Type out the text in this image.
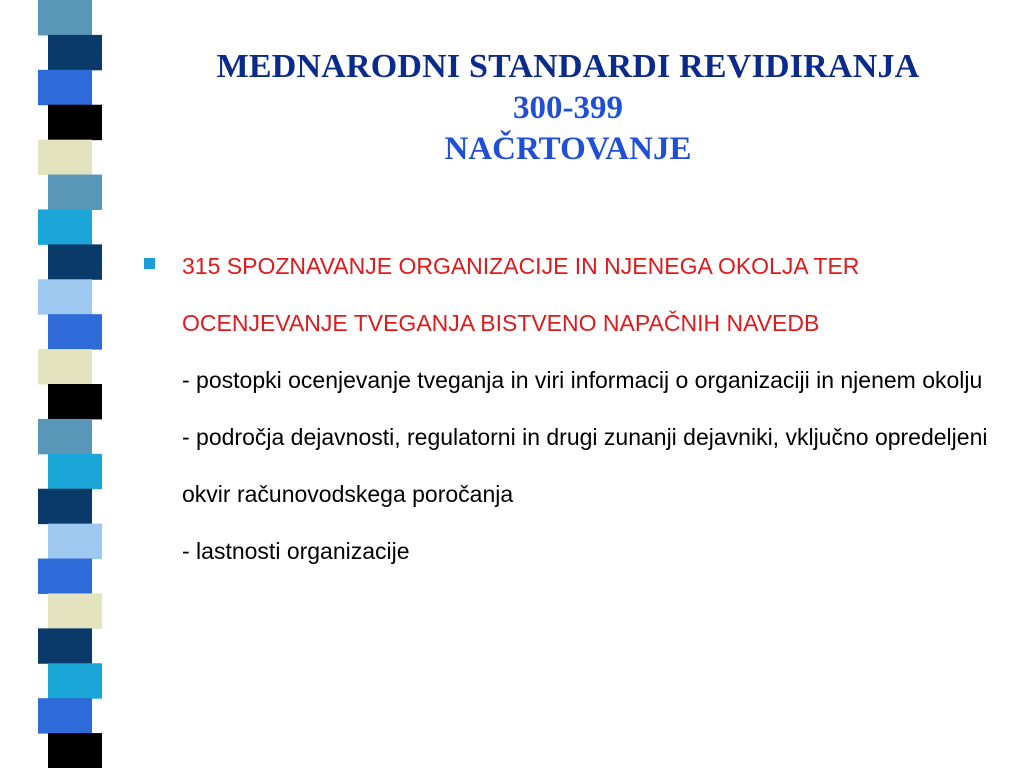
MEDNARODNI STANDARDI REVIDIRANJA
300-399
NAČRTOVANJE

315 SPOZNAVANJE ORGANIZACIJE IN NJENEGA OKOLJA TER OCENJEVANJE TVEGANJA BISTVENO NAPAČNIH NAVEDB

- postopki ocenjevanje tveganja in viri informacij o organizaciji in njenem okolju

- področja dejavnosti, regulatorni in drugi zunanji dejavniki, vključno opredeljeni okvir računovodskega poročanja

- lastnosti organizacije
